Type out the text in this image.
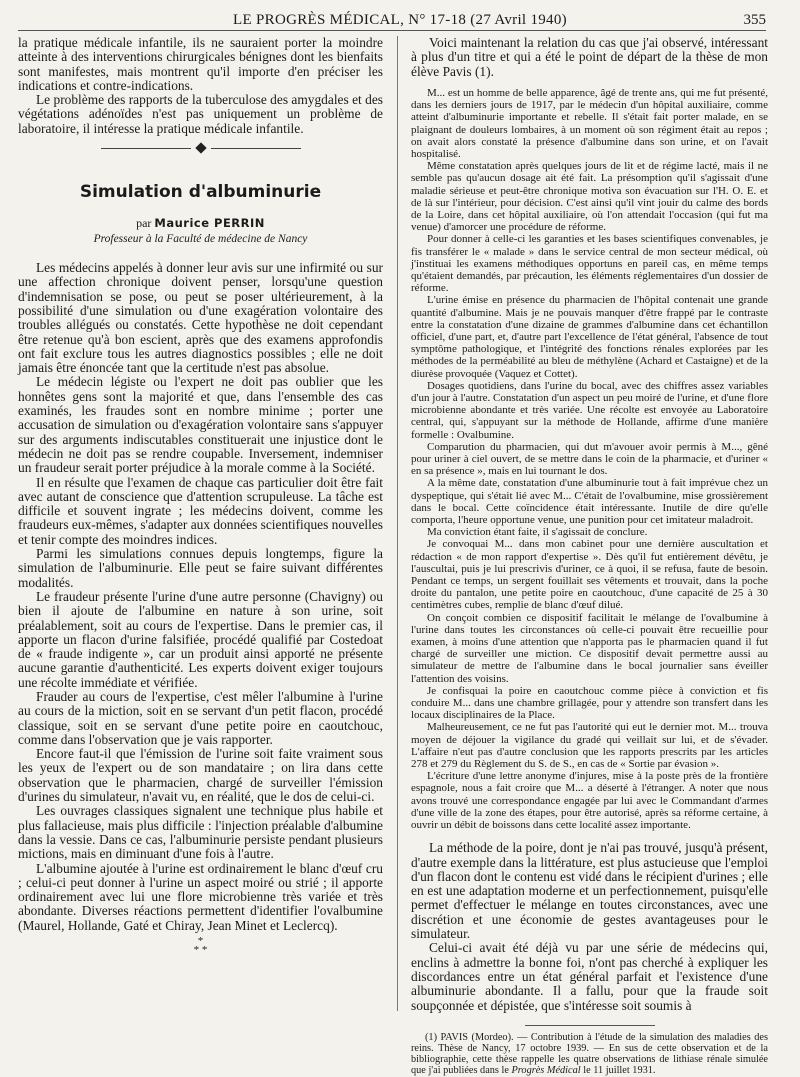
LE PROGRÈS MÉDICAL, N° 17-18 (27 Avril 1940)	355

la pratique médicale infantile, ils ne sauraient porter la moindre atteinte à des interventions chirurgicales bénignes dont les bienfaits sont manifestes, mais montrent qu'il importe d'en préciser les indications et contre-indications.

Le problème des rapports de la tuberculose des amygdales et des végétations adénoïdes n'est pas uniquement un problème de laboratoire, il intéresse la pratique médicale infantile.

Simulation d'albuminurie
par Maurice PERRIN
Professeur à la Faculté de médecine de Nancy

Les médecins appelés à donner leur avis sur une infirmité ou sur une affection chronique doivent penser, lorsqu'une question d'indemnisation se pose, ou peut se poser ultérieurement, à la possibilité d'une simulation ou d'une exagération volontaire des troubles allégués ou constatés. Cette hypothèse ne doit cependant être retenue qu'à bon escient, après que des examens approfondis ont fait exclure tous les autres diagnostics possibles ; elle ne doit jamais être énoncée tant que la certitude n'est pas absolue.

Le médecin légiste ou l'expert ne doit pas oublier que les honnêtes gens sont la majorité et que, dans l'ensemble des cas examinés, les fraudes sont en nombre minime ; porter une accusation de simulation ou d'exagération volontaire sans s'appuyer sur des arguments indiscutables constituerait une injustice dont le médecin ne doit pas se rendre coupable. Inversement, indemniser un fraudeur serait porter préjudice à la morale comme à la Société.

Il en résulte que l'examen de chaque cas particulier doit être fait avec autant de conscience que d'attention scrupuleuse. La tâche est difficile et souvent ingrate ; les médecins doivent, comme les fraudeurs eux-mêmes, s'adapter aux données scientifiques nouvelles et tenir compte des moindres indices.

Parmi les simulations connues depuis longtemps, figure la simulation de l'albuminurie. Elle peut se faire suivant différentes modalités.

Le fraudeur présente l'urine d'une autre personne (Chavigny) ou bien il ajoute de l'albumine en nature à son urine, soit préalablement, soit au cours de l'expertise. Dans le premier cas, il apporte un flacon d'urine falsifiée, procédé qualifié par Costedoat de « fraude indigente », car un produit ainsi apporté ne présente aucune garantie d'authenticité. Les experts doivent exiger toujours une récolte immédiate et vérifiée.

Frauder au cours de l'expertise, c'est mêler l'albumine à l'urine au cours de la miction, soit en se servant d'un petit flacon, procédé classique, soit en se servant d'une petite poire en caoutchouc, comme dans l'observation que je vais rapporter.

Encore faut-il que l'émission de l'urine soit faite vraiment sous les yeux de l'expert ou de son mandataire ; on lira dans cette observation que le pharmacien, chargé de surveiller l'émission d'urines du simulateur, n'avait vu, en réalité, que le dos de celui-ci.

Les ouvrages classiques signalent une technique plus habile et plus fallacieuse, mais plus difficile : l'injection préalable d'albumine dans la vessie. Dans ce cas, l'albuminurie persiste pendant plusieurs mictions, mais en diminuant d'une fois à l'autre.

L'albumine ajoutée à l'urine est ordinairement le blanc d'œuf cru ; celui-ci peut donner à l'urine un aspect moiré ou strié ; il apporte ordinairement avec lui une flore microbienne très variée et très abondante. Diverses réactions permettent d'identifier l'ovalbumine (Maurel, Hollande, Gaté et Chiray, Jean Minet et Leclercq).

*
* *

Voici maintenant la relation du cas que j'ai observé, intéressant à plus d'un titre et qui a été le point de départ de la thèse de mon élève Pavis (1).

M... est un homme de belle apparence, âgé de trente ans, qui me fut présenté, dans les derniers jours de 1917, par le médecin d'un hôpital auxiliaire, comme atteint d'albuminurie importante et rebelle. Il s'était fait porter malade, en se plaignant de douleurs lombaires, à un moment où son régiment était au repos ; on avait alors constaté la présence d'albumine dans son urine, et on l'avait hospitalisé.

Même constatation après quelques jours de lit et de régime lacté, mais il ne semble pas qu'aucun dosage ait été fait. La présomption qu'il s'agissait d'une maladie sérieuse et peut-être chronique motiva son évacuation sur l'H. O. E. et de là sur l'intérieur, pour décision. C'est ainsi qu'il vint jouir du calme des bords de la Loire, dans cet hôpital auxiliaire, où l'on attendait l'occasion (qui fut ma venue) d'amorcer une procédure de réforme.

Pour donner à celle-ci les garanties et les bases scientifiques convenables, je fis transférer le « malade » dans le service central de mon secteur médical, où j'instituai les examens méthodiques opportuns en pareil cas, en même temps qu'étaient demandés, par précaution, les éléments réglementaires d'un dossier de réforme.

L'urine émise en présence du pharmacien de l'hôpital contenait une grande quantité d'albumine. Mais je ne pouvais manquer d'être frappé par le contraste entre la constatation d'une dizaine de grammes d'albumine dans cet échantillon officiel, d'une part, et, d'autre part l'excellence de l'état général, l'absence de tout symptôme pathologique, et l'intégrité des fonctions rénales explorées par les méthodes de la perméabilité au bleu de méthylène (Achard et Castaigne) et de la diurèse provoquée (Vaquez et Cottet).

Dosages quotidiens, dans l'urine du bocal, avec des chiffres assez variables d'un jour à l'autre. Constatation d'un aspect un peu moiré de l'urine, et d'une flore microbienne abondante et très variée. Une récolte est envoyée au Laboratoire central, qui, s'appuyant sur la méthode de Hollande, affirme d'une manière formelle : Ovalbumine.

Comparution du pharmacien, qui dut m'avouer avoir permis à M..., gêné pour uriner à ciel ouvert, de se mettre dans le coin de la pharmacie, et d'uriner « en sa présence », mais en lui tournant le dos.

A la même date, constatation d'une albuminurie tout à fait imprévue chez un dyspeptique, qui s'était lié avec M... C'était de l'ovalbumine, mise grossièrement dans le bocal. Cette coïncidence était intéressante. Inutile de dire qu'elle comporta, l'heure opportune venue, une punition pour cet imitateur maladroit.

Ma conviction étant faite, il s'agissait de conclure.

Je convoquai M... dans mon cabinet pour une dernière auscultation et rédaction « de mon rapport d'expertise ». Dès qu'il fut entièrement dévêtu, je l'auscultai, puis je lui prescrivis d'uriner, ce à quoi, il se refusa, faute de besoin. Pendant ce temps, un sergent fouillait ses vêtements et trouvait, dans la poche droite du pantalon, une petite poire en caoutchouc, d'une capacité de 25 à 30 centimètres cubes, remplie de blanc d'œuf dilué.

On conçoit combien ce dispositif facilitait le mélange de l'ovalbumine à l'urine dans toutes les circonstances où celle-ci pouvait être recueillie pour examen, à moins d'une attention que n'apporta pas le pharmacien quand il fut chargé de surveiller une miction. Ce dispositif devait permettre aussi au simulateur de mettre de l'albumine dans le bocal journalier sans éveiller l'attention des voisins.

Je confisquai la poire en caoutchouc comme pièce à conviction et fis conduire M... dans une chambre grillagée, pour y attendre son transfert dans les locaux disciplinaires de la Place.

Malheureusement, ce ne fut pas l'autorité qui eut le dernier mot. M... trouva moyen de déjouer la vigilance du gradé qui veillait sur lui, et de s'évader. L'affaire n'eut pas d'autre conclusion que les rapports prescrits par les articles 278 et 279 du Règlement du S. de S., en cas de « Sortie par évasion ».

L'écriture d'une lettre anonyme d'injures, mise à la poste près de la frontière espagnole, nous a fait croire que M... a déserté à l'étranger. A noter que nous avons trouvé une correspondance engagée par lui avec le Commandant d'armes d'une ville de la zone des étapes, pour être autorisé, après sa réforme certaine, à ouvrir un débit de boissons dans cette localité assez importante.

La méthode de la poire, dont je n'ai pas trouvé, jusqu'à présent, d'autre exemple dans la littérature, est plus astucieuse que l'emploi d'un flacon dont le contenu est vidé dans le récipient d'urines ; elle en est une adaptation moderne et un perfectionnement, puisqu'elle permet d'effectuer le mélange en toutes circonstances, avec une discrétion et une économie de gestes avantageuses pour le simulateur.

Celui-ci avait été déjà vu par une série de médecins qui, enclins à admettre la bonne foi, n'ont pas cherché à expliquer les discordances entre un état général parfait et l'existence d'une albuminurie abondante. Il a fallu, pour que la fraude soit soupçonnée et dépistée, que s'intéresse soit soumis à

(1) PAVIS (Mordeo). — Contribution à l'étude de la simulation des maladies des reins. Thèse de Nancy, 17 octobre 1939. — En sus de cette observation et de la bibliographie, cette thèse rappelle les quatre observations de lithiase rénale simulée que j'ai publiées dans le Progrès Médical le 11 juillet 1931.
